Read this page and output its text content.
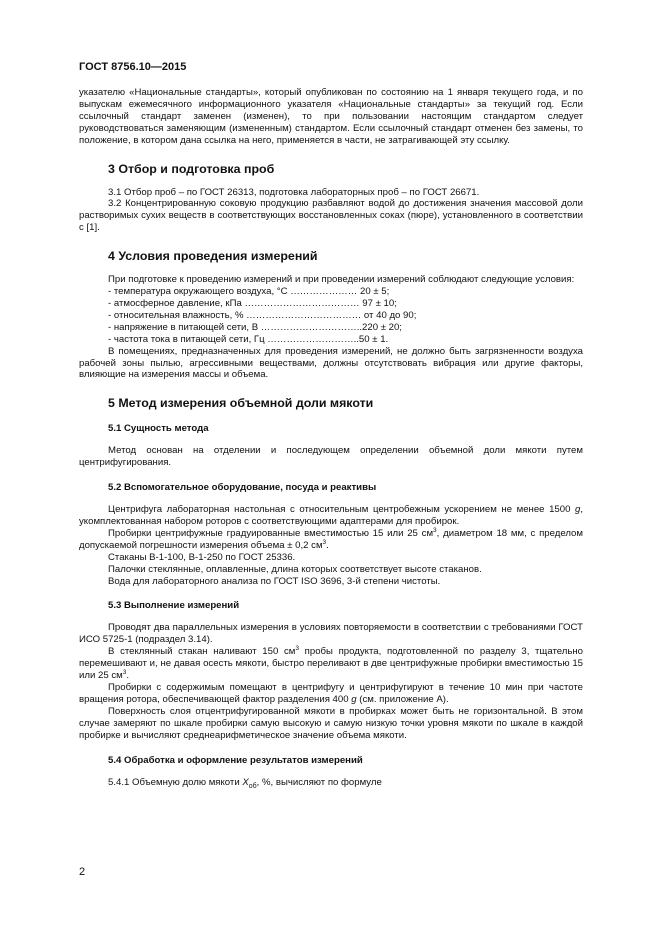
ГОСТ 8756.10—2015

указателю «Национальные стандарты», который опубликован по состоянию на 1 января текущего года, и по выпускам ежемесячного информационного указателя «Национальные стандарты» за текущий год. Если ссылочный стандарт заменен (изменен), то при пользовании настоящим стандартом следует руководствоваться заменяющим (измененным) стандартом. Если ссылочный стандарт отменен без замены, то положение, в котором дана ссылка на него, применяется в части, не затрагивающей эту ссылку.

3 Отбор и подготовка проб

3.1 Отбор проб – по ГОСТ 26313, подготовка лабораторных проб – по ГОСТ 26671.

3.2 Концентрированную соковую продукцию разбавляют водой до достижения значения массовой доли растворимых сухих веществ в соответствующих восстановленных соках (пюре), установленного в соответствии с [1].

4 Условия проведения измерений

При подготовке к проведению измерений и при проведении измерений соблюдают следующие условия:

- температура окружающего воздуха, °С ………………… 20 ± 5;
- атмосферное давление, кПа ……………………………… 97 ± 10;
- относительная влажность, % ……………………………… от 40 до 90;
- напряжение в питающей сети, В …………………………..220 ± 20;
- частота тока в питающей сети, Гц ………………………..50 ± 1.

В помещениях, предназначенных для проведения измерений, не должно быть загрязненности воздуха рабочей зоны пылью, агрессивными веществами, должны отсутствовать вибрация или другие факторы, влияющие на измерения массы и объема.

5 Метод измерения объемной доли мякоти
5.1 Сущность метода

Метод основан на отделении и последующем определении объемной доли мякоти путем центрифугирования.

5.2 Вспомогательное оборудование, посуда и реактивы

Центрифуга лабораторная настольная с относительным центробежным ускорением не менее 1500 g, укомплектованная набором роторов с соответствующими адаптерами для пробирок.

Пробирки центрифужные градуированные вместимостью 15 или 25 $см^3$, диаметром 18 мм, с пределом допускаемой погрешности измерения объема ± 0,2 $см^3$.

Стаканы В-1-100, В-1-250 по ГОСТ 25336.

Палочки стеклянные, оплавленные, длина которых соответствует высоте стаканов.

Вода для лабораторного анализа по ГОСТ ISO 3696, 3-й степени чистоты.

5.3 Выполнение измерений

Проводят два параллельных измерения в условиях повторяемости в соответствии с требованиями ГОСТ ИСО 5725-1 (подраздел 3.14).

В стеклянный стакан наливают 150 $см^3$ пробы продукта, подготовленной по разделу 3, тщательно перемешивают и, не давая осесть мякоти, быстро переливают в две центрифужные пробирки вместимостью 15 или 25 $см^3$.

Пробирки с содержимым помещают в центрифугу и центрифугируют в течение 10 мин при частоте вращения ротора, обеспечивающей фактор разделения 400 g (см. приложение А).

Поверхность слоя отцентрифугированной мякоти в пробирках может быть не горизонтальной. В этом случае замеряют по шкале пробирки самую высокую и самую низкую точки уровня мякоти по шкале в каждой пробирке и вычисляют среднеарифметическое значение объема мякоти.

5.4 Обработка и оформление результатов измерений

5.4.1 Объемную долю мякоти $X_{об}$, %, вычисляют по формуле

2
